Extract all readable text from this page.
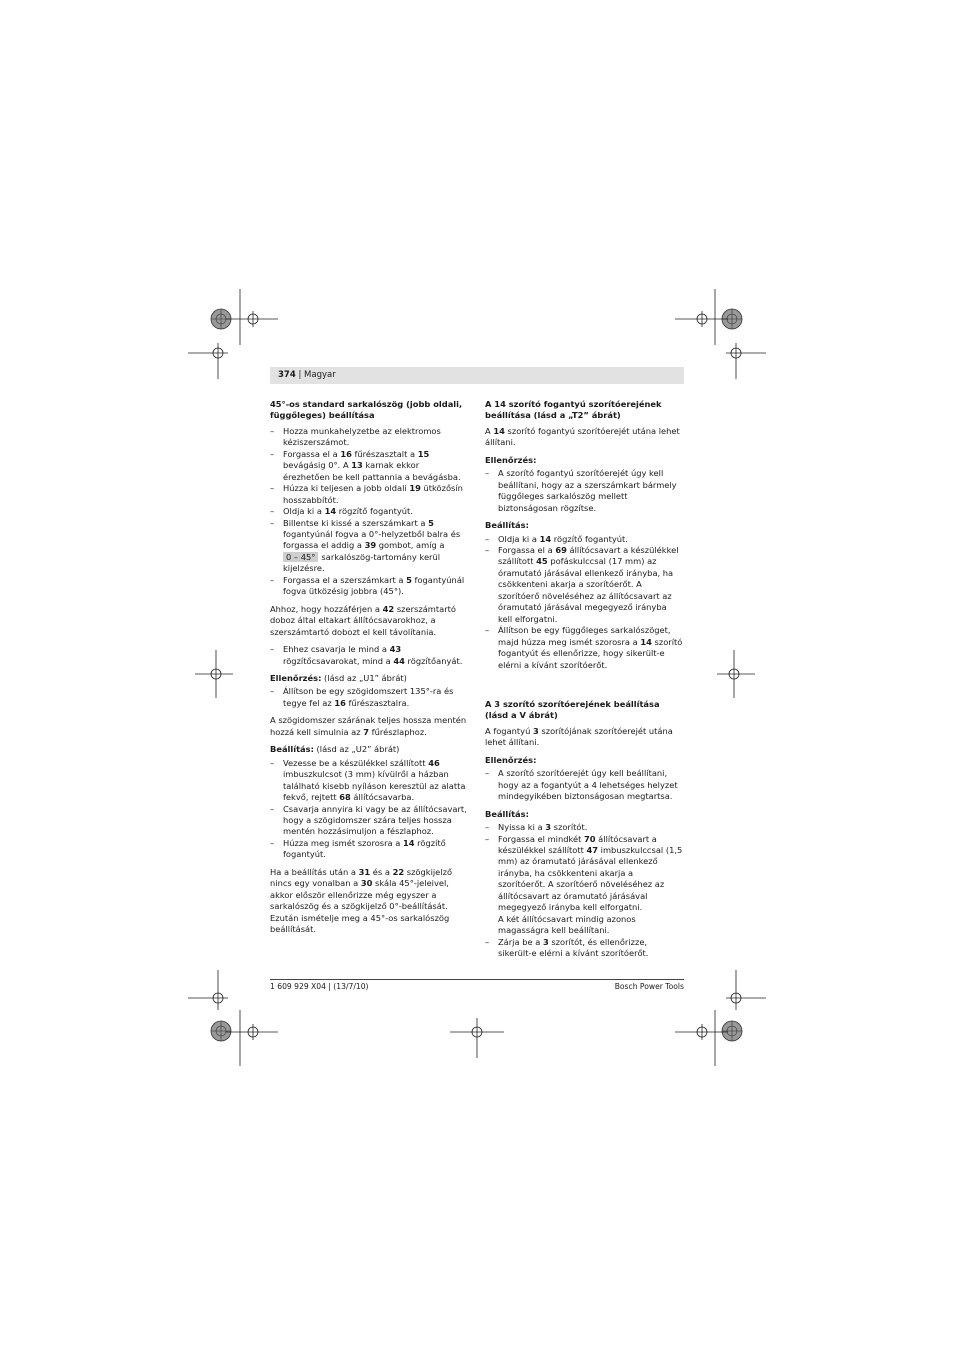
374 | Magyar
45°-os standard sarkalószög (jobb oldali, függőleges) beállítása
– Hozza munkahelyzetbe az elektromos kéziszerszámot.
– Forgassa el a 16 fűrészasztalt a 15 bevágásig 0°. A 13 karnak ekkor érezhetően be kell pattannia a bevágásba.
– Húzza ki teljesen a jobb oldali 19 ütközősín hosszabbítót.
– Oldja ki a 14 rögzítő fogantyút.
– Billentse ki kissé a szerszámkart a 5 fogantyúnál fogva a 0°-helyzetből balra és forgassa el addig a 39 gombot, amíg a
0 – 45° sarkalószög-tartomány kerül kijelzésre.
– Forgassa el a szerszámkart a 5 fogantyúnál fogva ütközésig jobbra (45°).

Ahhoz, hogy hozzáférjen a 42 szerszámtartó doboz által eltakart állítócsavarokhoz, a szerszámtartó dobozt el kell távolítania.

– Ehhez csavarja le mind a 43 rögzítőcsavarokat, mind a 44 rögzítőanyát.

Ellenőrzés: (lásd az „U1” ábrát)

– Állítson be egy szögidomszert 135°-ra és tegye fel az 16 fűrészasztalra.

A szögidomszer szárának teljes hossza mentén hozzá kell simulnia az 7 fűrészlaphoz.

Beállítás: (lásd az „U2” ábrát)

– Vezesse be a készülékkel szállított 46 imbuszkulcsot (3 mm) kívülről a házban található kisebb nyíláson keresztül az alatta fekvő, rejtett 68 állítócsavarba.
– Csavarja annyira ki vagy be az állítócsavart, hogy a szögidomszer szára teljes hossza mentén hozzásimuljon a fészlaphoz.
– Húzza meg ismét szorosra a 14 rögzítő fogantyút.

Ha a beállítás után a 31 és a 22 szögkijelző nincs egy vonalban a 30 skála 45°-jeleivel, akkor először ellenőrizze még egyszer a sarkalószög és a szögkijelző 0°-beállítását. Ezután ismételje meg a 45°-os sarkalószög beállítását.

A 14 szorító fogantyú szorítóerejének beállítása (lásd a „T2” ábrát)

A 14 szorító fogantyú szorítóerejét utána lehet állítani.

Ellenőrzés:

– A szorító fogantyú szorítóerejét úgy kell beállítani, hogy az a szerszámkart bármely függőleges sarkalószög mellett biztonságosan rögzítse.

Beállítás:

– Oldja ki a 14 rögzítő fogantyút.
– Forgassa el a 69 állítócsavart a készülékkel szállított 45 pofáskulccsal (17 mm) az óramutató járásával ellenkező irányba, ha csökkenteni akarja a szorítóerőt. A szorítóerő növeléséhez az állítócsavart az óramutató járásával megegyező irányba kell elforgatni.
– Állítson be egy függőleges sarkalószöget, majd húzza meg ismét szorosra a 14 szorító fogantyút és ellenőrizze, hogy sikerült-e elérni a kívánt szorítóerőt.
A 3 szorító szorítóerejének beállítása (lásd a V ábrát)

A fogantyú 3 szorítójának szorítóerejét utána lehet állítani.

Ellenőrzés:

– A szorító szorítóerejét úgy kell beállítani, hogy az a fogantyút a 4 lehetséges helyzet mindegyikében biztonságosan megtartsa.

Beállítás:

– Nyissa ki a 3 szorítót.
– Forgassa el mindkét 70 állítócsavart a készülékkel szállított 47 imbuszkulccsal (1,5 mm) az óramutató járásával ellenkező irányba, ha csökkenteni akarja a szorítóerőt. A szorítóerő növeléséhez az állítócsavart az óramutató járásával megegyező irányba kell elforgatni.
A két állítócsavart mindig azonos magasságra kell beállítani.
– Zárja be a 3 szorítót, és ellenőrizze, sikerült-e elérni a kívánt szorítóerőt.
1 609 929 X04 | (13/7/10)	Bosch Power Tools
